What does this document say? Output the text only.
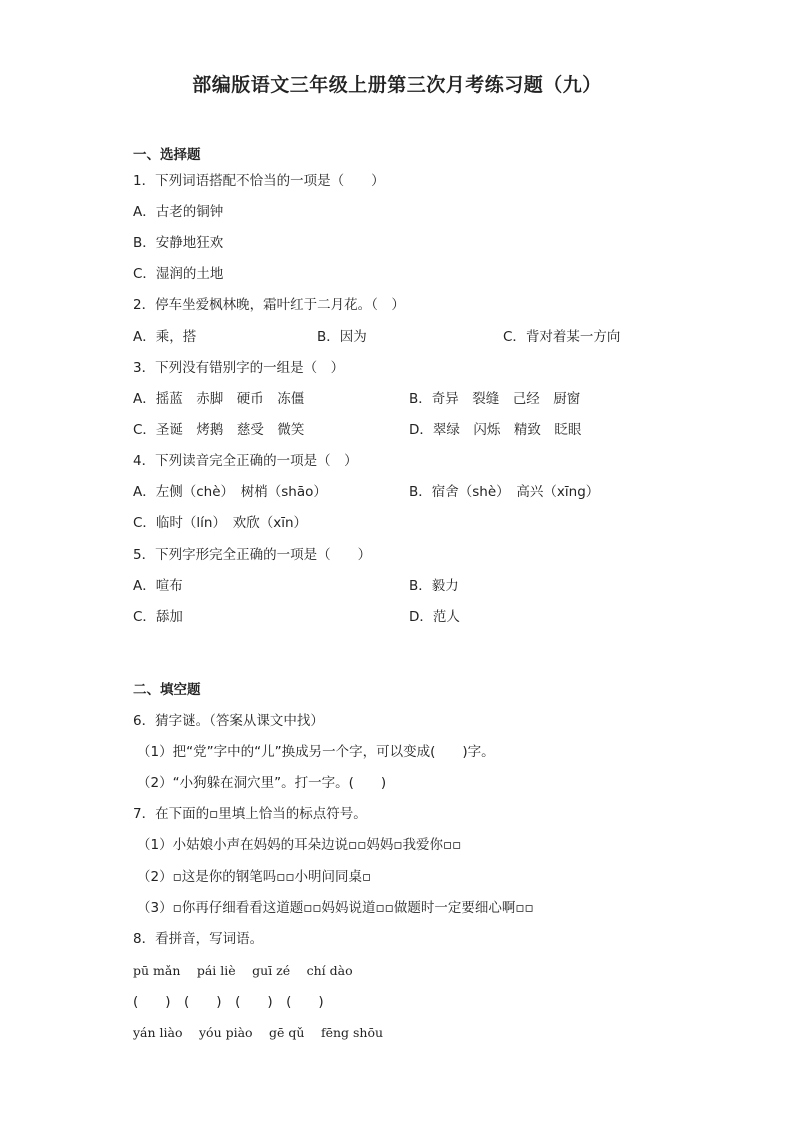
部编版语文三年级上册第三次月考练习题（九）
一、选择题
1．下列词语搭配不恰当的一项是（　　）
A．古老的铜钟
B．安静地狂欢
C．湿润的土地
2．停车坐爱枫林晚，霜叶红于二月花。（　）
A．乘，搭	B．因为	C．背对着某一方向
3．下列没有错别字的一组是（　）
A．摇蓝　赤脚　硬币　冻僵	B．奇异　裂缝　己经　厨窗
C．圣诞　烤鹅　慈受　微笑	D．翠绿　闪烁　精致　眨眼
4．下列读音完全正确的一项是（　）
A．左侧（chè）　树梢（shāo）	B．宿舍（shè）　高兴（xīng）
C．临时（lín）　欢欣（xīn）
5．下列字形完全正确的一项是（　　）
A．喧布	B．毅力
C．舔加	D．范人
二、填空题
6．猜字谜。（答案从课文中找）
（1）把“党”字中的“儿”换成另一个字，可以变成(　　)字。
（2）“小狗躲在洞穴里”。打一字。(　　)
7．在下面的▫里填上恰当的标点符号。
（1）小姑娘小声在妈妈的耳朵边说▫▫妈妈▫我爱你▫▫
（2）▫这是你的钢笔吗▫▫小明问同桌▫
（3）▫你再仔细看看这道题▫▫妈妈说道▫▫做题时一定要细心啊▫▫
8．看拼音，写词语。
pū mǎn　 pái liè　 guī zé　 chí dào
(　　)　(　　)　(　　)　(　　)
yán liào　 yóu piào　 gē qǔ　 fēng shōu
